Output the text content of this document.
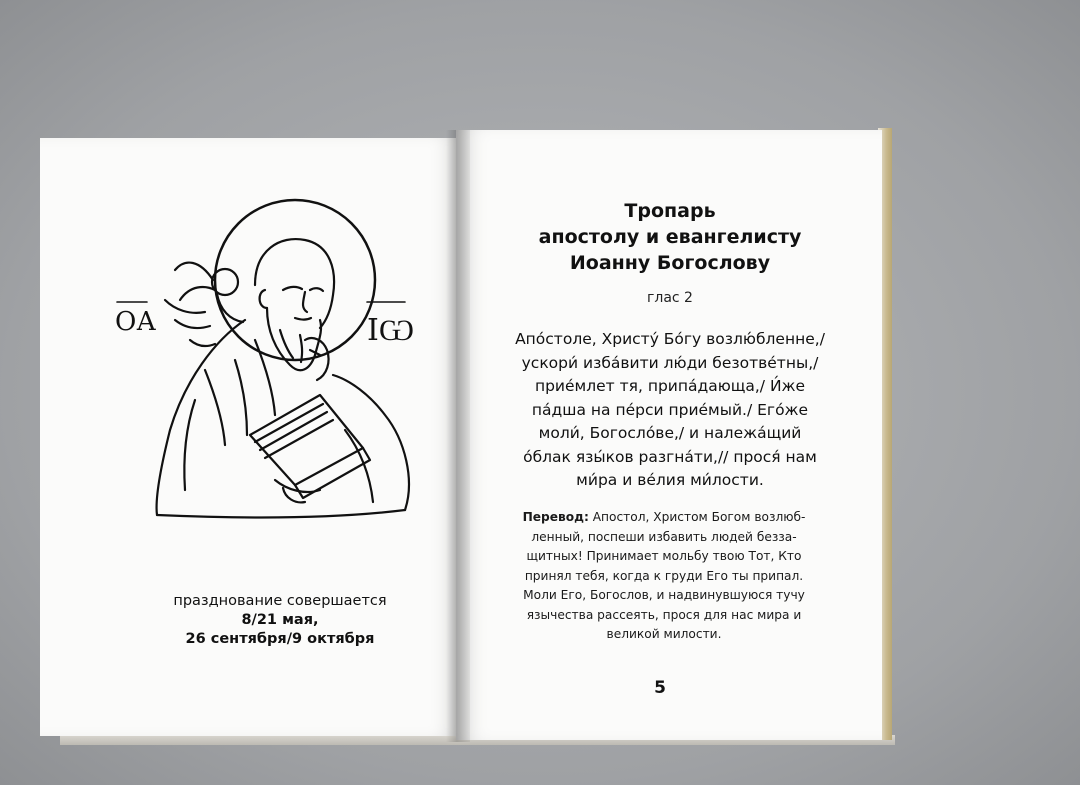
ОА	ΙѠ
празднование совершается
8/21 мая,
26 сентября/9 октября
Тропарь
апостолу и евангелисту
Иоанну Богослову
глас 2
Апо́столе, Христу́ Бо́гу возлю́бленне,/
ускори́ изба́вити лю́ди безотве́тны,/
прие́млет тя, припа́дающа,/ И́же
па́дша на пе́рси прие́мый./ Его́же
моли́, Богосло́ве,/ и належа́щий
о́блак язы́ков разгна́ти,// прося́ нам
ми́ра и ве́лия ми́лости.
Перевод: Апостол, Христом Богом возлюб-
ленный, поспеши избавить людей безза-
щитных! Принимает мольбу твою Тот, Кто
принял тебя, когда к груди Его ты припал.
Моли Его, Богослов, и надвинувшуюся тучу
язычества рассеять, прося для нас мира и
великой милости.
5
